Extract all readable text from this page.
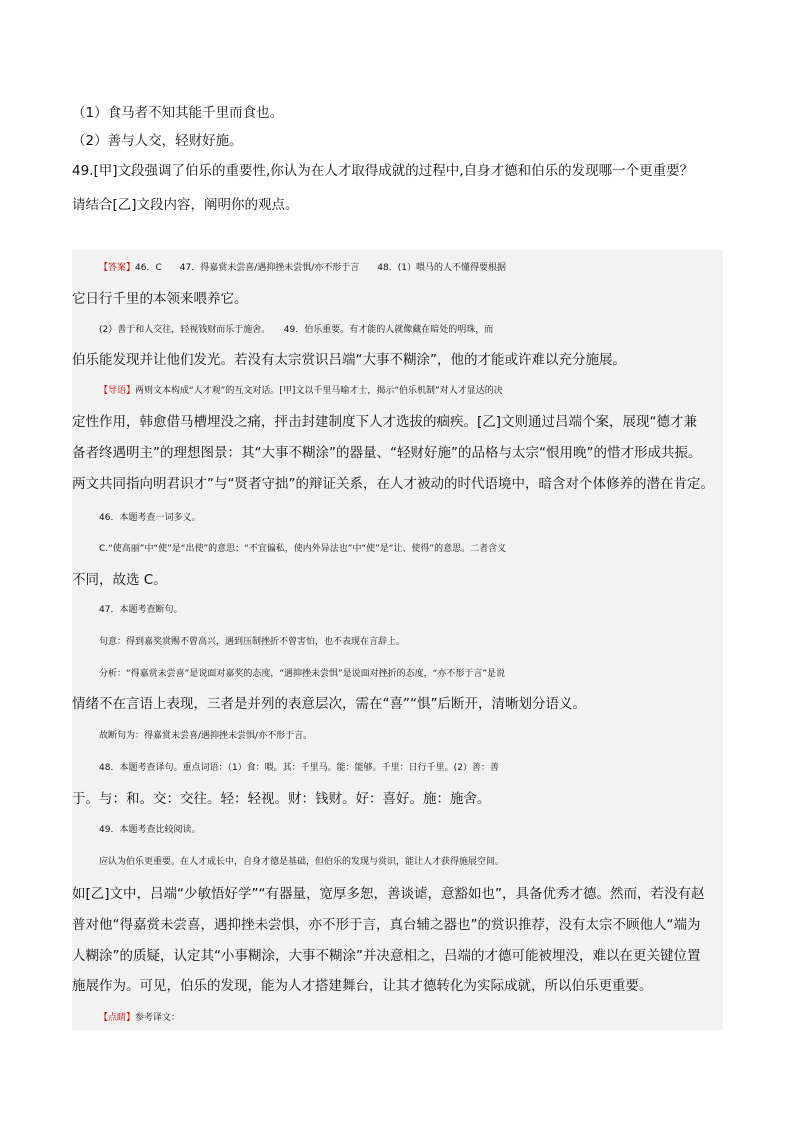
（1）食马者不知其能千里而食也。
（2）善与人交，轻财好施。
49.[甲]文段强调了伯乐的重要性,你认为在人才取得成就的过程中,自身才德和伯乐的发现哪一个更重要？
请结合[乙]文段内容，阐明你的观点。
【答案】46．C　　47．得嘉赏未尝喜/遇抑挫未尝惧/亦不形于言　　48．(1）喂马的人不懂得要根据
它日行千里的本领来喂养它。
(2）善于和人交往，轻视钱财而乐于施舍。　　49．伯乐重要。有才能的人就像藏在暗处的明珠，而
伯乐能发现并让他们发光。若没有太宗赏识吕端“大事不糊涂”，他的才能或许难以充分施展。
【导语】两则文本构成“人才观”的互文对话。[甲]文以千里马喻才士，揭示“伯乐机制”对人才显达的决
定性作用，韩愈借马槽埋没之痛，抨击封建制度下人才选拔的痼疾。[乙]文则通过吕端个案，展现“德才兼
备者终遇明主”的理想图景：其“大事不糊涂”的器量、“轻财好施”的品格与太宗“恨用晚”的惜才形成共振。
两文共同指向明君识才”与“贤者守拙”的辩证关系，在人才被动的时代语境中，暗含对个体修养的潜在肯定。
46．本题考查一词多义。
C.“使高丽”中“使”是“出使”的意思；“不宜偏私，使内外异法也”中“使”是“让、使得”的意思。二者含义
不同，故选 C。
47．本题考查断句。
句意：得到嘉奖赏赐不曾高兴，遇到压制挫折不曾害怕，也不表现在言辞上。
分析：“得嘉赏未尝喜”是说面对嘉奖的态度，“遇抑挫未尝惧”是说面对挫折的态度，“亦不形于言”是说
情绪不在言语上表现，三者是并列的表意层次，需在“喜”“惧”后断开，清晰划分语义。
故断句为：得嘉赏未尝喜/遇抑挫未尝惧/亦不形于言。
48．本题考查译句。重点词语：（1）食：喂。其：千里马。能：能够。千里：日行千里。(2）善：善
于。与：和。交：交往。轻：轻视。财：钱财。好：喜好。施：施舍。
49．本题考查比较阅读。
应认为伯乐更重要。在人才成长中，自身才德是基础，但伯乐的发现与赏识，能让人才获得施展空间。
如[乙]文中，吕端“少敏悟好学”“有器量，宽厚多恕，善谈谑，意豁如也”，具备优秀才德。然而，若没有赵
普对他“得嘉赏未尝喜，遇抑挫未尝惧，亦不形于言，真台辅之器也”的赏识推荐，没有太宗不顾他人“端为
人糊涂”的质疑，认定其“小事糊涂，大事不糊涂”并决意相之，吕端的才德可能被埋没，难以在更关键位置
施展作为。可见，伯乐的发现，能为人才搭建舞台，让其才德转化为实际成就，所以伯乐更重要。
【点睛】参考译文：
